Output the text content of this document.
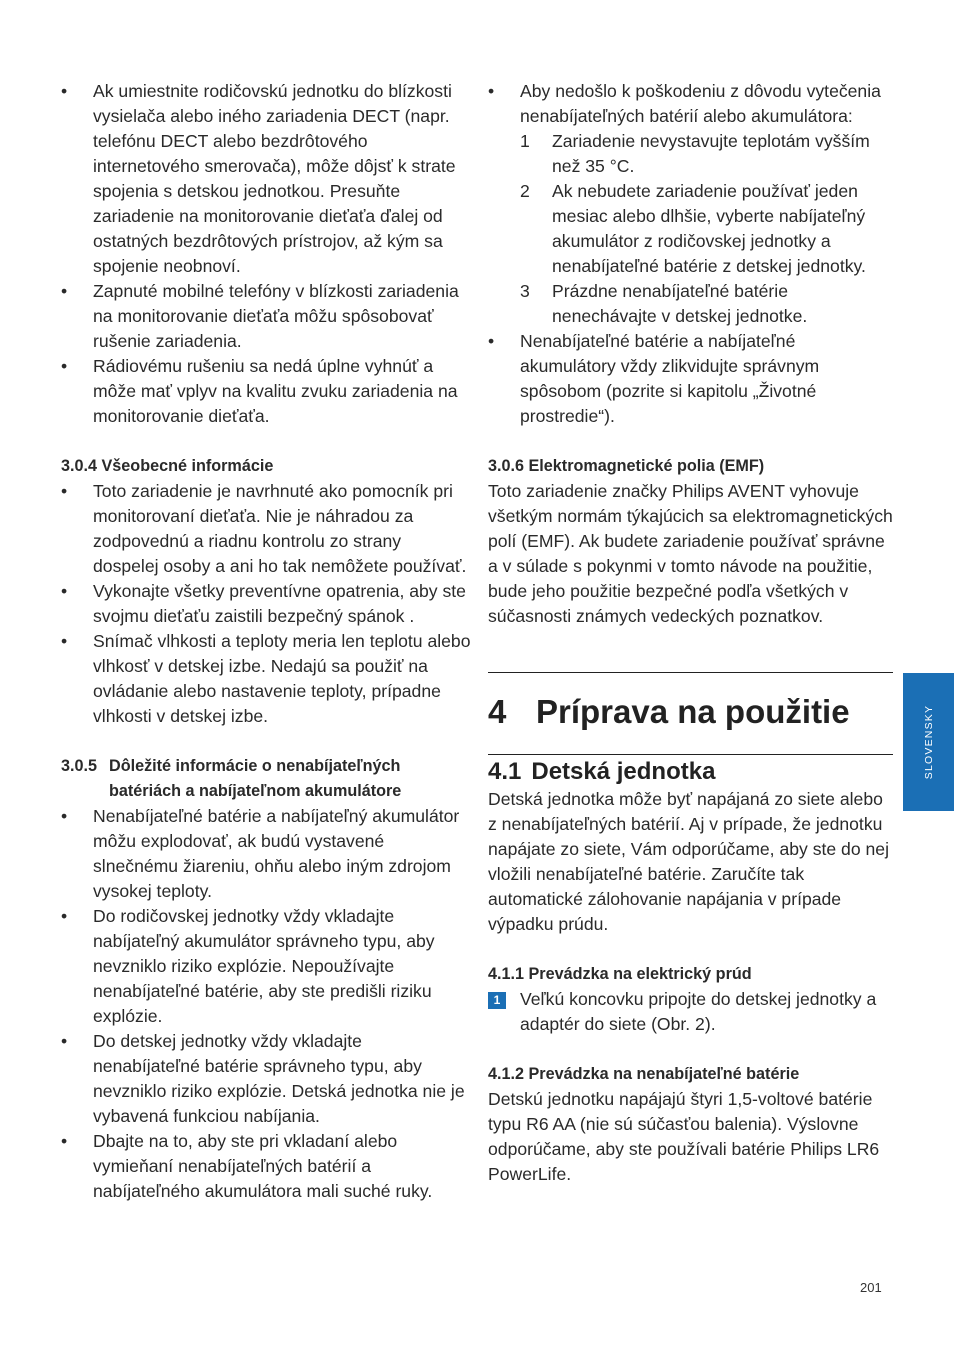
• Ak umiestnite rodičovskú jednotku do blízkosti vysielača alebo iného zariadenia DECT (napr. telefónu DECT alebo bezdrôtového internetového smerovača), môže dôjsť k strate spojenia s detskou jednotkou. Presuňte zariadenie na monitorovanie dieťaťa ďalej od ostatných bezdrôtových prístrojov, až kým sa spojenie neobnoví.
• Zapnuté mobilné telefóny v blízkosti zariadenia na monitorovanie dieťaťa môžu spôsobovať rušenie zariadenia.
• Rádiovému rušeniu sa nedá úplne vyhnúť a môže mať vplyv na kvalitu zvuku zariadenia na monitorovanie dieťaťa.

3.0.4 Všeobecné informácie

• Toto zariadenie je navrhnuté ako pomocník pri monitorovaní dieťaťa. Nie je náhradou za zodpovednú a riadnu kontrolu zo strany dospelej osoby a ani ho tak nemôžete používať.
• Vykonajte všetky preventívne opatrenia, aby ste svojmu dieťaťu zaistili bezpečný spánok .
• Snímač vlhkosti a teploty meria len teplotu alebo vlhkosť v detskej izbe. Nedajú sa použiť na ovládanie alebo nastavenie teploty, prípadne vlhkosti v detskej izbe.
3.0.5 Dôležité informácie o nenabíjateľných batériách a nabíjateľnom akumulátore
• Nenabíjateľné batérie a nabíjateľný akumulátor môžu explodovať, ak budú vystavené slnečnému žiareniu, ohňu alebo iným zdrojom vysokej teploty.
• Do rodičovskej jednotky vždy vkladajte nabíjateľný akumulátor správneho typu, aby nevzniklo riziko explózie. Nepoužívajte nenabíjateľné batérie, aby ste predišli riziku explózie.
• Do detskej jednotky vždy vkladajte nenabíjateľné batérie správneho typu, aby nevzniklo riziko explózie. Detská jednotka nie je vybavená funkciou nabíjania.
• Dbajte na to, aby ste pri vkladaní alebo vymieňaní nenabíjateľných batérií a nabíjateľného akumulátora mali suché ruky.
• Aby nedošlo k poškodeniu z dôvodu vytečenia nenabíjateľných batérií alebo akumulátora:
1 Zariadenie nevystavujte teplotám vyšším než 35 °C.
2 Ak nebudete zariadenie používať jeden mesiac alebo dlhšie, vyberte nabíjateľný akumulátor z rodičovskej jednotky a nenabíjateľné batérie z detskej jednotky.
3 Prázdne nenabíjateľné batérie nenechávajte v detskej jednotke.
• Nenabíjateľné batérie a nabíjateľné akumulátory vždy zlikvidujte správnym spôsobom (pozrite si kapitolu „Životné prostredie“).

3.0.6 Elektromagnetické polia (EMF)

Toto zariadenie značky Philips AVENT vyhovuje všetkým normám týkajúcich sa elektromagnetických polí (EMF). Ak budete zariadenie používať správne a v súlade s pokynmi v tomto návode na použitie, bude jeho použitie bezpečné podľa všetkých v súčasnosti známych vedeckých poznatkov.

4 Príprava na použitie
4.1 Detská jednotka

Detská jednotka môže byť napájaná zo siete alebo z nenabíjateľných batérií. Aj v prípade, že jednotku napájate zo siete, Vám odporúčame, aby ste do nej vložili nenabíjateľné batérie. Zaručíte tak automatické zálohovanie napájania v prípade výpadku prúdu.

4.1.1 Prevádzka na elektrický prúd

1	Veľkú koncovku pripojte do detskej jednotky a adaptér do siete (Obr. 2).

4.1.2 Prevádzka na nenabíjateľné batérie

Detskú jednotku napájajú štyri 1,5-voltové batérie typu R6 AA (nie sú súčasťou balenia). Výslovne odporúčame, aby ste používali batérie Philips LR6 PowerLife.

SLOVENSKY
201
